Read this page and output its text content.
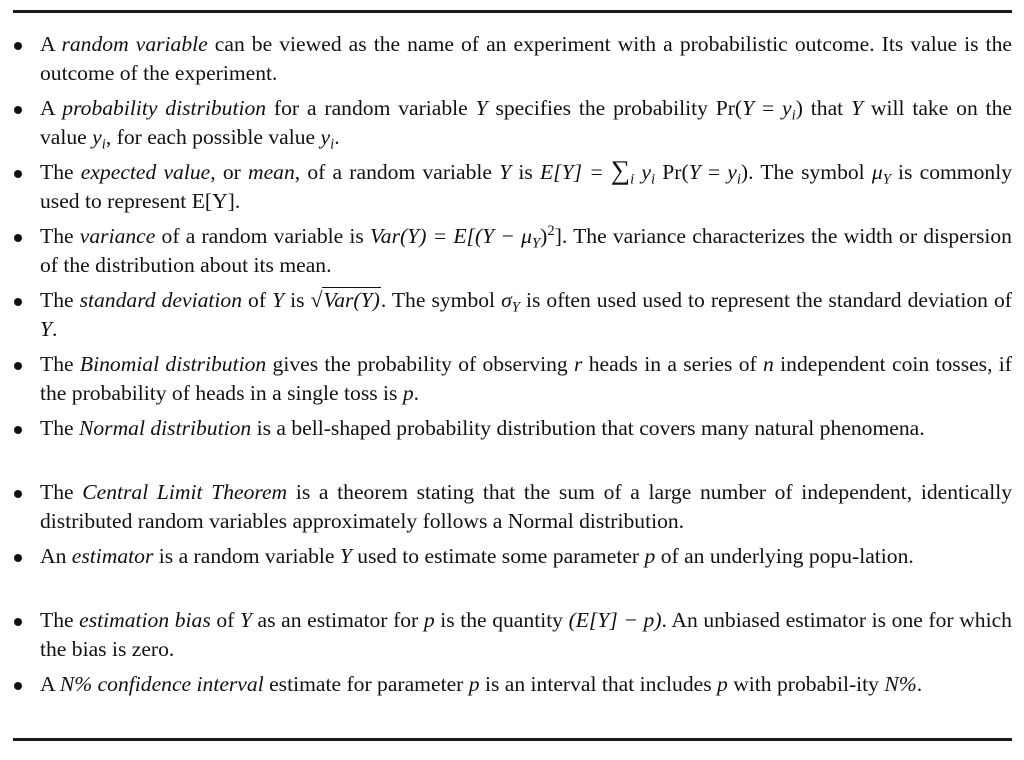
A random variable can be viewed as the name of an experiment with a probabilistic outcome. Its value is the outcome of the experiment.
A probability distribution for a random variable Y specifies the probability $Pr(Y = y_i)$ that Y will take on the value $y_i$, for each possible value $y_i$.
The expected value, or mean, of a random variable Y is $E[Y] = \sum_i$ $y_i$ $Pr(Y = y_i)$. The symbol $\mu_Y$ is commonly used to represent E[Y].
The variance of a random variable is $Var(Y) = E[(Y - \mu_Y)^2]$. The variance characterizes the width or dispersion of the distribution about its mean.
The standard deviation of Y is √Var(Y). The symbol $\sigma_Y$ is often used used to represent the standard deviation of Y.
The Binomial distribution gives the probability of observing r heads in a series of n independent coin tosses, if the probability of heads in a single toss is p.
The Normal distribution is a bell-shaped probability distribution that covers many natural phenomena.
The Central Limit Theorem is a theorem stating that the sum of a large number of independent, identically distributed random variables approximately follows a Normal distribution.
An estimator is a random variable Y used to estimate some parameter p of an underlying popu-lation.
The estimation bias of Y as an estimator for p is the quantity (E[Y] − p). An unbiased estimator is one for which the bias is zero.
A N% confidence interval estimate for parameter p is an interval that includes p with probabil-ity N%.
